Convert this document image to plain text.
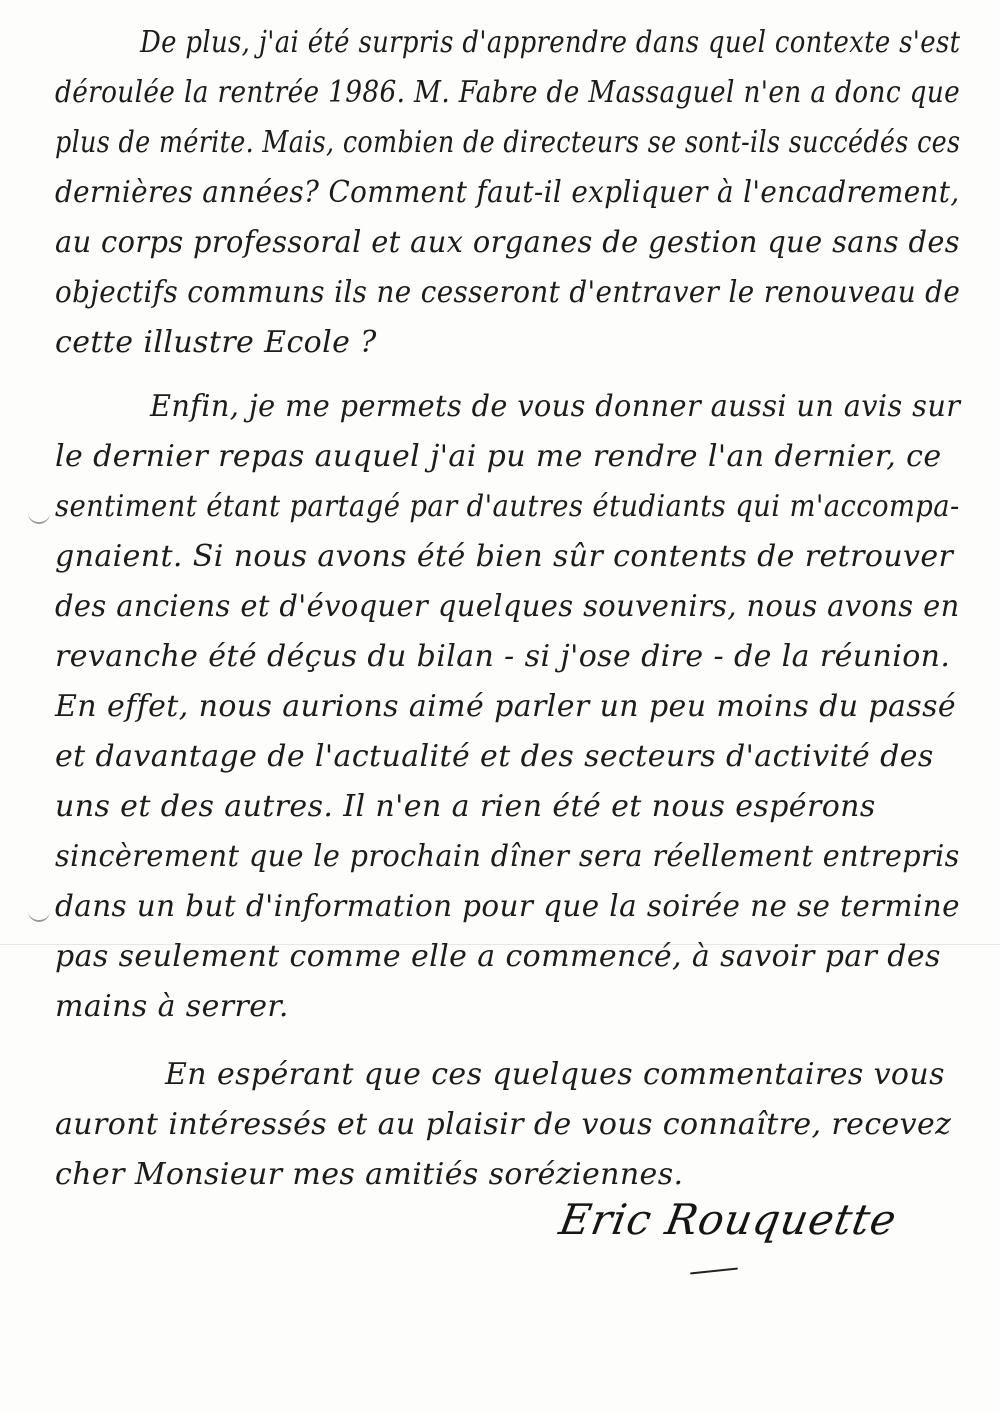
De plus, j'ai été surpris d'apprendre dans quel contexte s'est
déroulée la rentrée 1986. M. Fabre de Massaguel n'en a donc que
plus de mérite. Mais, combien de directeurs se sont-ils succédés ces
dernières années? Comment faut-il expliquer à l'encadrement,
au corps professoral et aux organes de gestion que sans des
objectifs communs ils ne cesseront d'entraver le renouveau de
cette illustre Ecole ?
Enfin, je me permets de vous donner aussi un avis sur
le dernier repas auquel j'ai pu me rendre l'an dernier, ce
sentiment étant partagé par d'autres étudiants qui m'accompa-
gnaient. Si nous avons été bien sûr contents de retrouver
des anciens et d'évoquer quelques souvenirs, nous avons en
revanche été déçus du bilan - si j'ose dire - de la réunion.
En effet, nous aurions aimé parler un peu moins du passé
et davantage de l'actualité et des secteurs d'activité des
uns et des autres. Il n'en a rien été et nous espérons
sincèrement que le prochain dîner sera réellement entrepris
dans un but d'information pour que la soirée ne se termine
pas seulement comme elle a commencé, à savoir par des
mains à serrer.
En espérant que ces quelques commentaires vous
auront intéressés et au plaisir de vous connaître, recevez
cher Monsieur mes amitiés soréziennes.
Eric Rouquette
